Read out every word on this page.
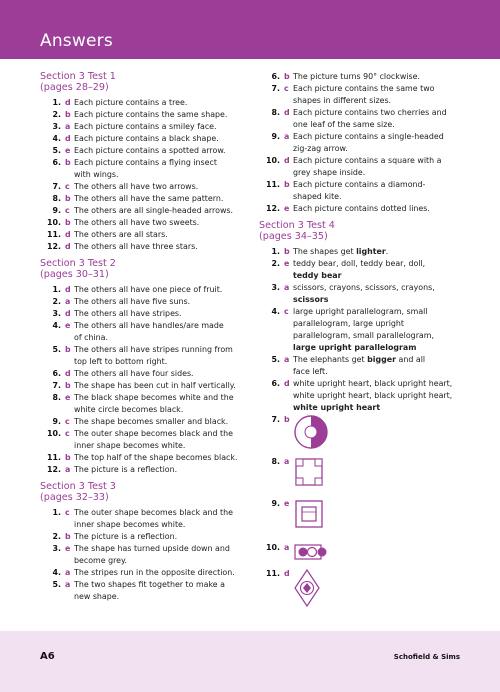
Answers
Section 3 Test 1
(pages 28–29)
1. d Each picture contains a tree.
2. b Each picture contains the same shape.
3. a Each picture contains a smiley face.
4. d Each picture contains a black shape.
5. e Each picture contains a spotted arrow.
6. b Each picture contains a flying insect
with wings.
7. c The others all have two arrows.
8. b The others all have the same pattern.
9. c The others are all single-headed arrows.
10. b The others all have two sweets.
11. d The others are all stars.
12. d The others all have three stars.
Section 3 Test 2
(pages 30–31)
1. d The others all have one piece of fruit.
2. a The others all have five suns.
3. d The others all have stripes.
4. e The others all have handles/are made
of china.
5. b The others all have stripes running from
top left to bottom right.
6. d The others all have four sides.
7. b The shape has been cut in half vertically.
8. e The black shape becomes white and the
white circle becomes black.
9. c The shape becomes smaller and black.
10. c The outer shape becomes black and the
inner shape becomes white.
11. b The top half of the shape becomes black.
12. a The picture is a reflection.
Section 3 Test 3
(pages 32–33)
1. c The outer shape becomes black and the
inner shape becomes white.
2. b The picture is a reflection.
3. e The shape has turned upside down and
become grey.
4. a The stripes run in the opposite direction.
5. a The two shapes fit together to make a
new shape.
6. b The picture turns 90° clockwise.
7. c Each picture contains the same two
shapes in different sizes.
8. d Each picture contains two cherries and
one leaf of the same size.
9. a Each picture contains a single-headed
zig-zag arrow.
10. d Each picture contains a square with a
grey shape inside.
11. b Each picture contains a diamond-
shaped kite.
12. e Each picture contains dotted lines.
Section 3 Test 4
(pages 34–35)
1. b The shapes get lighter.
2. e teddy bear, doll, teddy bear, doll,
teddy bear
3. a scissors, crayons, scissors, crayons,
scissors
4. c large upright parallelogram, small
parallelogram, large upright
parallelogram, small parallelogram,
large upright parallelogram
5. a The elephants get bigger and all
face left.
6. d white upright heart, black upright heart,
white upright heart, black upright heart,
white upright heart
7. b
8. a
9. e
10. a
11. d
A6	Schofield & Sims
